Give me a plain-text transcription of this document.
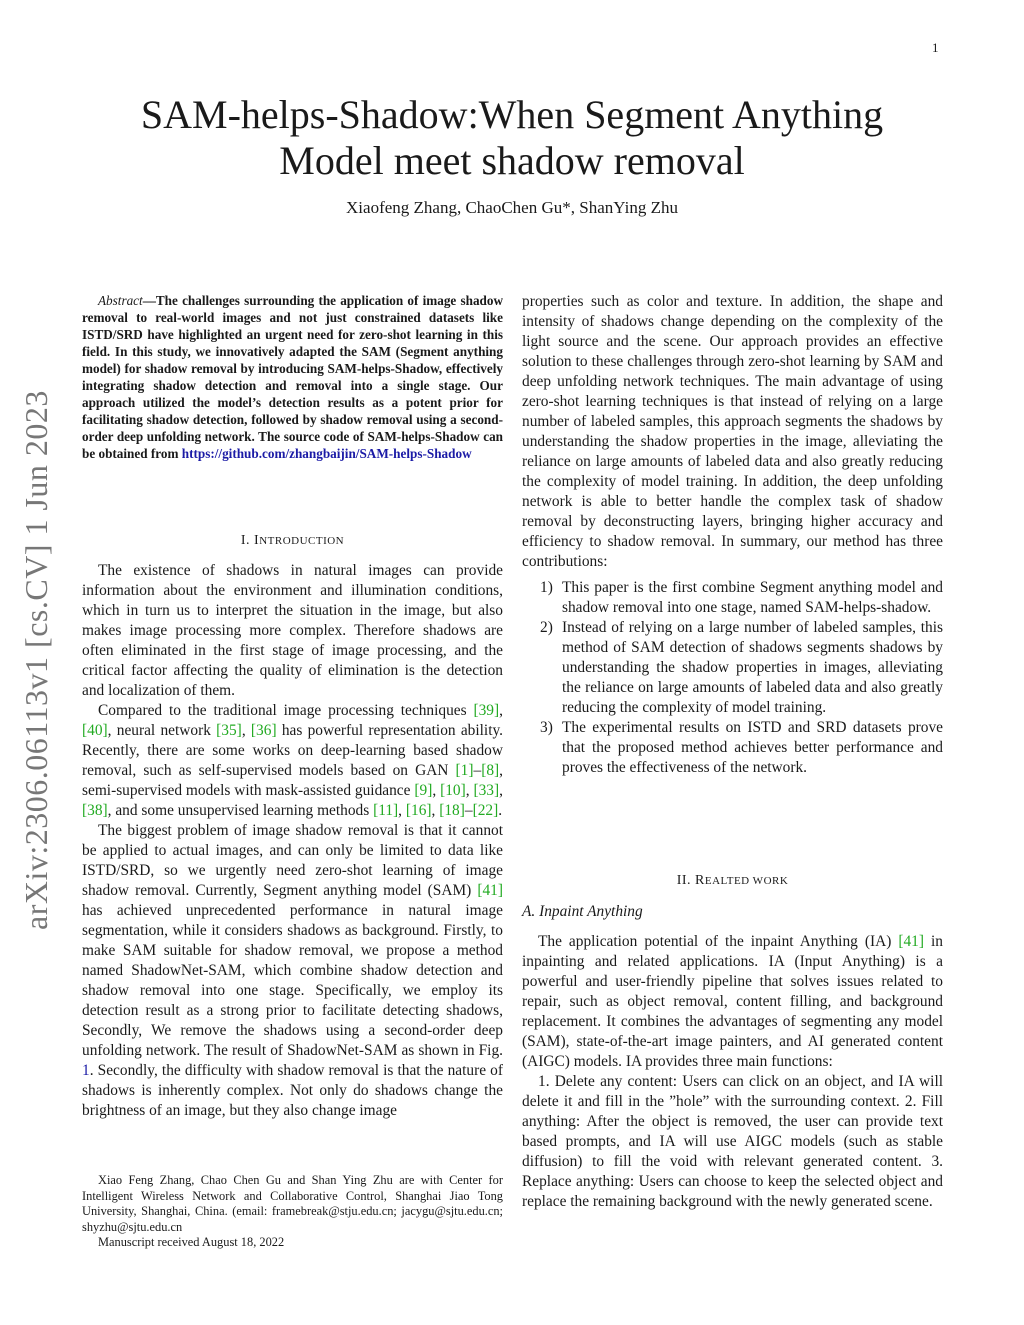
1
arXiv:2306.06113v1 [cs.CV] 1 Jun 2023
SAM-helps-Shadow:When Segment Anything Model meet shadow removal
Xiaofeng Zhang, ChaoChen Gu*, ShanYing Zhu

Abstract—The challenges surrounding the application of image shadow removal to real-world images and not just constrained datasets like ISTD/SRD have highlighted an urgent need for zero-shot learning in this field. In this study, we innovatively adapted the SAM (Segment anything model) for shadow removal by introducing SAM-helps-Shadow, effectively integrating shadow detection and removal into a single stage. Our approach utilized the model’s detection results as a potent prior for facilitating shadow detection, followed by shadow removal using a second-order deep unfolding network. The source code of SAM-helps-Shadow can be obtained from https://github.com/zhangbaijin/SAM-helps-Shadow

I. INTRODUCTION

The existence of shadows in natural images can provide information about the environment and illumination conditions, which in turn us to interpret the situation in the image, but also makes image processing more complex. Therefore shadows are often eliminated in the first stage of image processing, and the critical factor affecting the quality of elimination is the detection and localization of them.

Compared to the traditional image processing techniques [39], [40], neural network [35], [36] has powerful representation ability. Recently, there are some works on deep-learning based shadow removal, such as self-supervised models based on GAN [1]–[8], semi-supervised models with mask-assisted guidance [9], [10], [33], [38], and some unsupervised learning methods [11], [16], [18]–[22].

The biggest problem of image shadow removal is that it cannot be applied to actual images, and can only be limited to data like ISTD/SRD, so we urgently need zero-shot learning of image shadow removal. Currently, Segment anything model (SAM) [41] has achieved unprecedented performance in natural image segmentation, while it considers shadows as background. Firstly, to make SAM suitable for shadow removal, we propose a method named ShadowNet-SAM, which combine shadow detection and shadow removal into one stage. Specifically, we employ its detection result as a strong prior to facilitate detecting shadows, Secondly, We remove the shadows using a second-order deep unfolding network. The result of ShadowNet-SAM as shown in Fig. 1. Secondly, the difficulty with shadow removal is that the nature of shadows is inherently complex. Not only do shadows change the brightness of an image, but they also change image

Xiao Feng Zhang, Chao Chen Gu and Shan Ying Zhu are with Center for Intelligent Wireless Network and Collaborative Control, Shanghai Jiao Tong University, Shanghai, China. (email: framebreak@stju.edu.cn; jacygu@sjtu.edu.cn; shyzhu@sjtu.edu.cn

Manuscript received August 18, 2022

properties such as color and texture. In addition, the shape and intensity of shadows change depending on the complexity of the light source and the scene. Our approach provides an effective solution to these challenges through zero-shot learning by SAM and deep unfolding network techniques. The main advantage of using zero-shot learning techniques is that instead of relying on a large number of labeled samples, this approach segments the shadows by understanding the shadow properties in the image, alleviating the reliance on large amounts of labeled data and also greatly reducing the complexity of model training. In addition, the deep unfolding network is able to better handle the complex task of shadow removal by deconstructing layers, bringing higher accuracy and efficiency to shadow removal. In summary, our method has three contributions:

1) This paper is the first combine Segment anything model and shadow removal into one stage, named SAM-helps-shadow.
2) Instead of relying on a large number of labeled samples, this method of SAM detection of shadows segments shadows by understanding the shadow properties in images, alleviating the reliance on large amounts of labeled data and also greatly reducing the complexity of model training.
3) The experimental results on ISTD and SRD datasets prove that the proposed method achieves better performance and proves the effectiveness of the network.
II. REALTED WORK
A. Inpaint Anything

The application potential of the inpaint Anything (IA) [41] in inpainting and related applications. IA (Input Anything) is a powerful and user-friendly pipeline that solves issues related to repair, such as object removal, content filling, and background replacement. It combines the advantages of segmenting any model (SAM), state-of-the-art image painters, and AI generated content (AIGC) models. IA provides three main functions:

1. Delete any content: Users can click on an object, and IA will delete it and fill in the ”hole” with the surrounding context. 2. Fill anything: After the object is removed, the user can provide text based prompts, and IA will use AIGC models (such as stable diffusion) to fill the void with relevant generated content. 3. Replace anything: Users can choose to keep the selected object and replace the remaining background with the newly generated scene.
